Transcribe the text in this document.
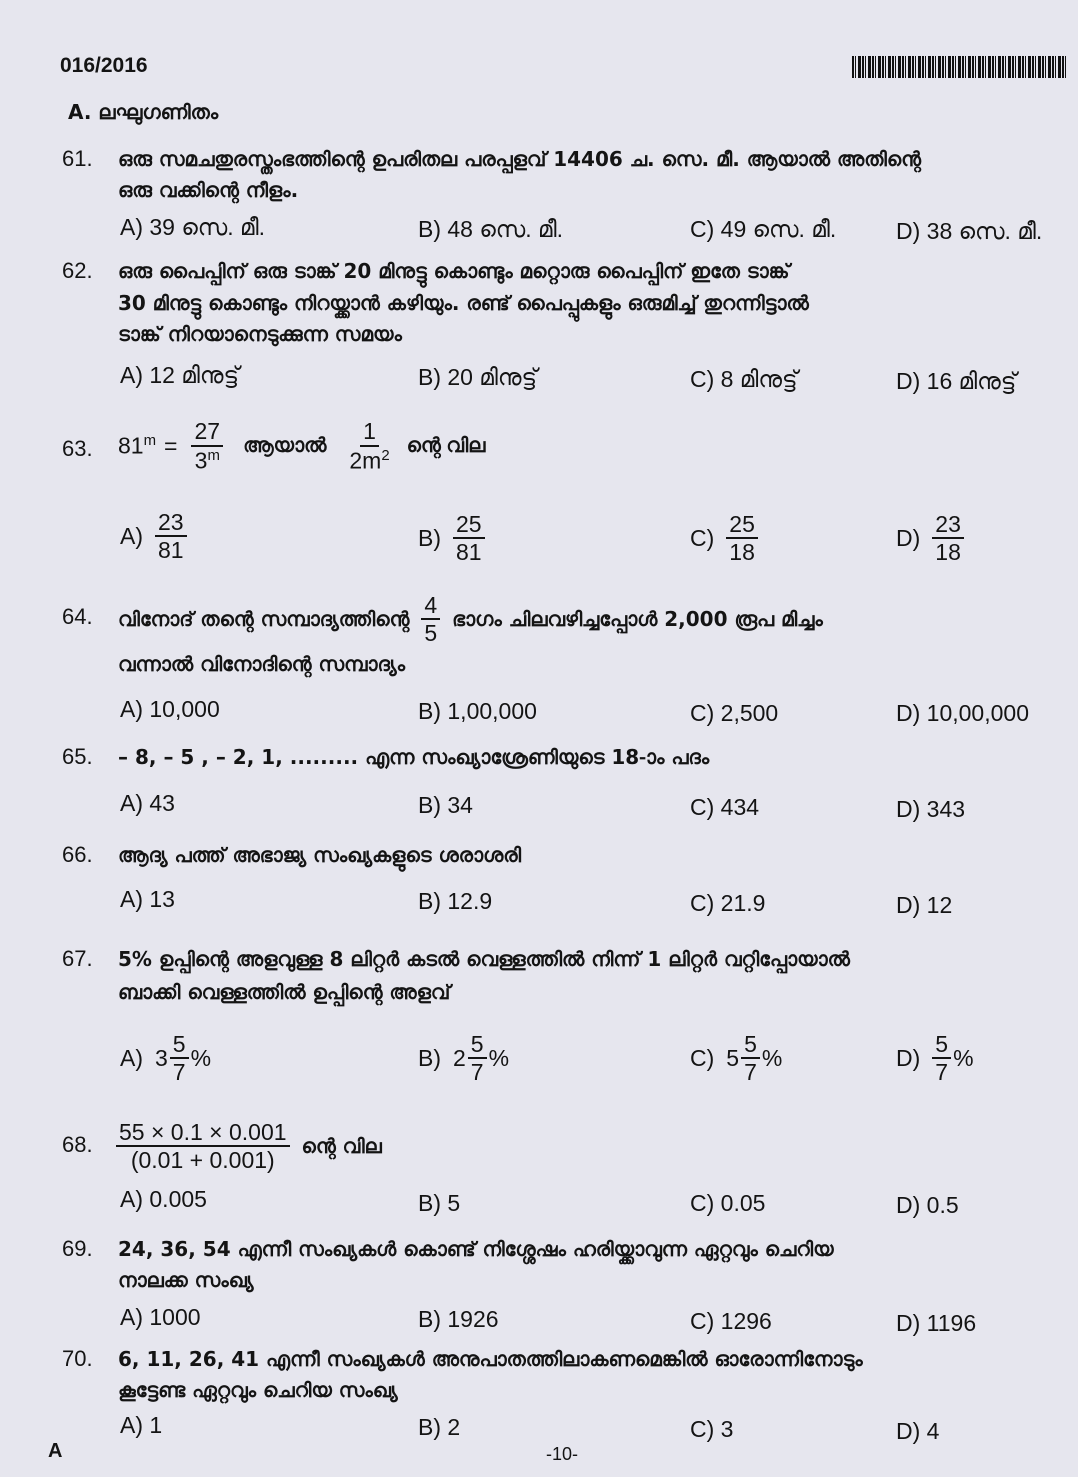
016/2016
A. ലഘുഗണിതം
61. ഒരു സമചതുരസ്തംഭത്തിന്റെ ഉപരിതല പരപ്പളവ് 14406 ച. സെ. മീ. ആയാൽ അതിന്റെ
ഒരു വക്കിന്റെ നീളം.
A) 39 സെ. മീ.	B) 48 സെ. മീ.	C) 49 സെ. മീ.	D) 38 സെ. മീ.
62. ഒരു പൈപ്പിന് ഒരു ടാങ്ക് 20 മിനുട്ടു കൊണ്ടും മറ്റൊരു പൈപ്പിന് ഇതേ ടാങ്ക്
30 മിനുട്ടു കൊണ്ടും നിറയ്ക്കാൻ കഴിയും. രണ്ട് പൈപ്പുകളും ഒരുമിച്ച് തുറന്നിട്ടാൽ
ടാങ്ക് നിറയാനെടുക്കുന്ന സമയം
A) 12 മിനുട്ട്	B) 20 മിനുട്ട്	C) 8 മിനുട്ട്	D) 16 മിനുട്ട്
63. $81^m = \frac{27}{3^m}$ ആയാൽ $\frac{1}{2m^2}$ ന്റെ വില
$A) \frac{23}{81}$	$B) \frac{25}{81}$	$C) \frac{25}{18}$	$D) \frac{23}{18}$
64. വിനോദ് തന്റെ സമ്പാദ്യത്തിന്റെ $\frac{4}{5}$ ഭാഗം ചിലവഴിച്ചപ്പോൾ 2,000 രൂപ മിച്ചം
വന്നാൽ വിനോദിന്റെ സമ്പാദ്യം
A) 10,000	B) 1,00,000	C) 2,500	D) 10,00,000
65. – 8, – 5 , – 2, 1, ......... എന്ന സംഖ്യാശ്രേണിയുടെ 18-ാം പദം
A) 43	B) 34	C) 434	D) 343
66. ആദ്യ പത്ത് അഭാജ്യ സംഖ്യകളുടെ ശരാശരി
A) 13	B) 12.9	C) 21.9	D) 12
67. 5% ഉപ്പിന്റെ അളവുള്ള 8 ലിറ്റർ കടൽ വെള്ളത്തിൽ നിന്ന് 1 ലിറ്റർ വറ്റിപ്പോയാൽ
ബാക്കി വെള്ളത്തിൽ ഉപ്പിന്റെ അളവ്
A) $3 \frac{5}{7}$ %	B) $2 \frac{5}{7}$ %	C) $5 \frac{5}{7}$ %	$D) \frac{5}{7}$ %
68. $\frac{55 \times 0.1 \times 0.001}{(0.01 + 0.001)}$ ന്റെ വില
A) 0.005	B) 5	C) 0.05	D) 0.5
69. 24, 36, 54 എന്നീ സംഖ്യകൾ കൊണ്ട് നിശ്ശേഷം ഹരിയ്ക്കാവുന്ന ഏറ്റവും ചെറിയ
നാലക്ക സംഖ്യ
A) 1000	B) 1926	C) 1296	D) 1196
70. 6, 11, 26, 41 എന്നീ സംഖ്യകൾ അനുപാതത്തിലാകണമെങ്കിൽ ഓരോന്നിനോടും
കൂട്ടേണ്ട ഏറ്റവും ചെറിയ സംഖ്യ
A) 1	B) 2	C) 3	D) 4
A	-10-
